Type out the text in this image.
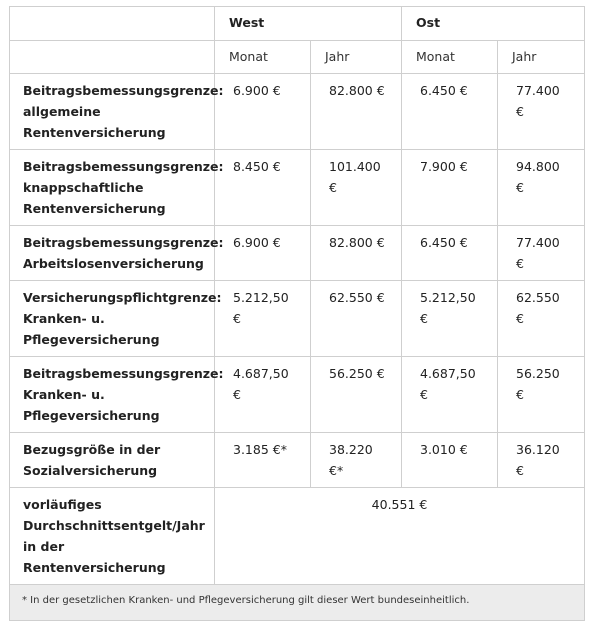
	West		Ost	
	Monat	Jahr	Monat	Jahr
Beitragsbemessungsgrenze: allgemeine Rentenversicherung	6.900 €	82.800 €	6.450 €	77.400 €
Beitragsbemessungsgrenze: knappschaftliche Rentenversicherung	8.450 €	101.400 €	7.900 €	94.800 €
Beitragsbemessungsgrenze: Arbeitslosenversicherung	6.900 €	82.800 €	6.450 €	77.400 €
Versicherungspflichtgrenze: Kranken- u. Pflegeversicherung	5.212,50 €	62.550 €	5.212,50 €	62.550 €
Beitragsbemessungsgrenze: Kranken- u. Pflegeversicherung	4.687,50 €	56.250 €	4.687,50 €	56.250 €
Bezugsgröße in der Sozialversicherung	3.185 €*	38.220 €*	3.010 €	36.120 €
vorläufiges Durchschnittsentgelt/Jahr in der Rentenversicherung	40.551 €			
* In der gesetzlichen Kranken- und Pflegeversicherung gilt dieser Wert bundeseinheitlich.				
